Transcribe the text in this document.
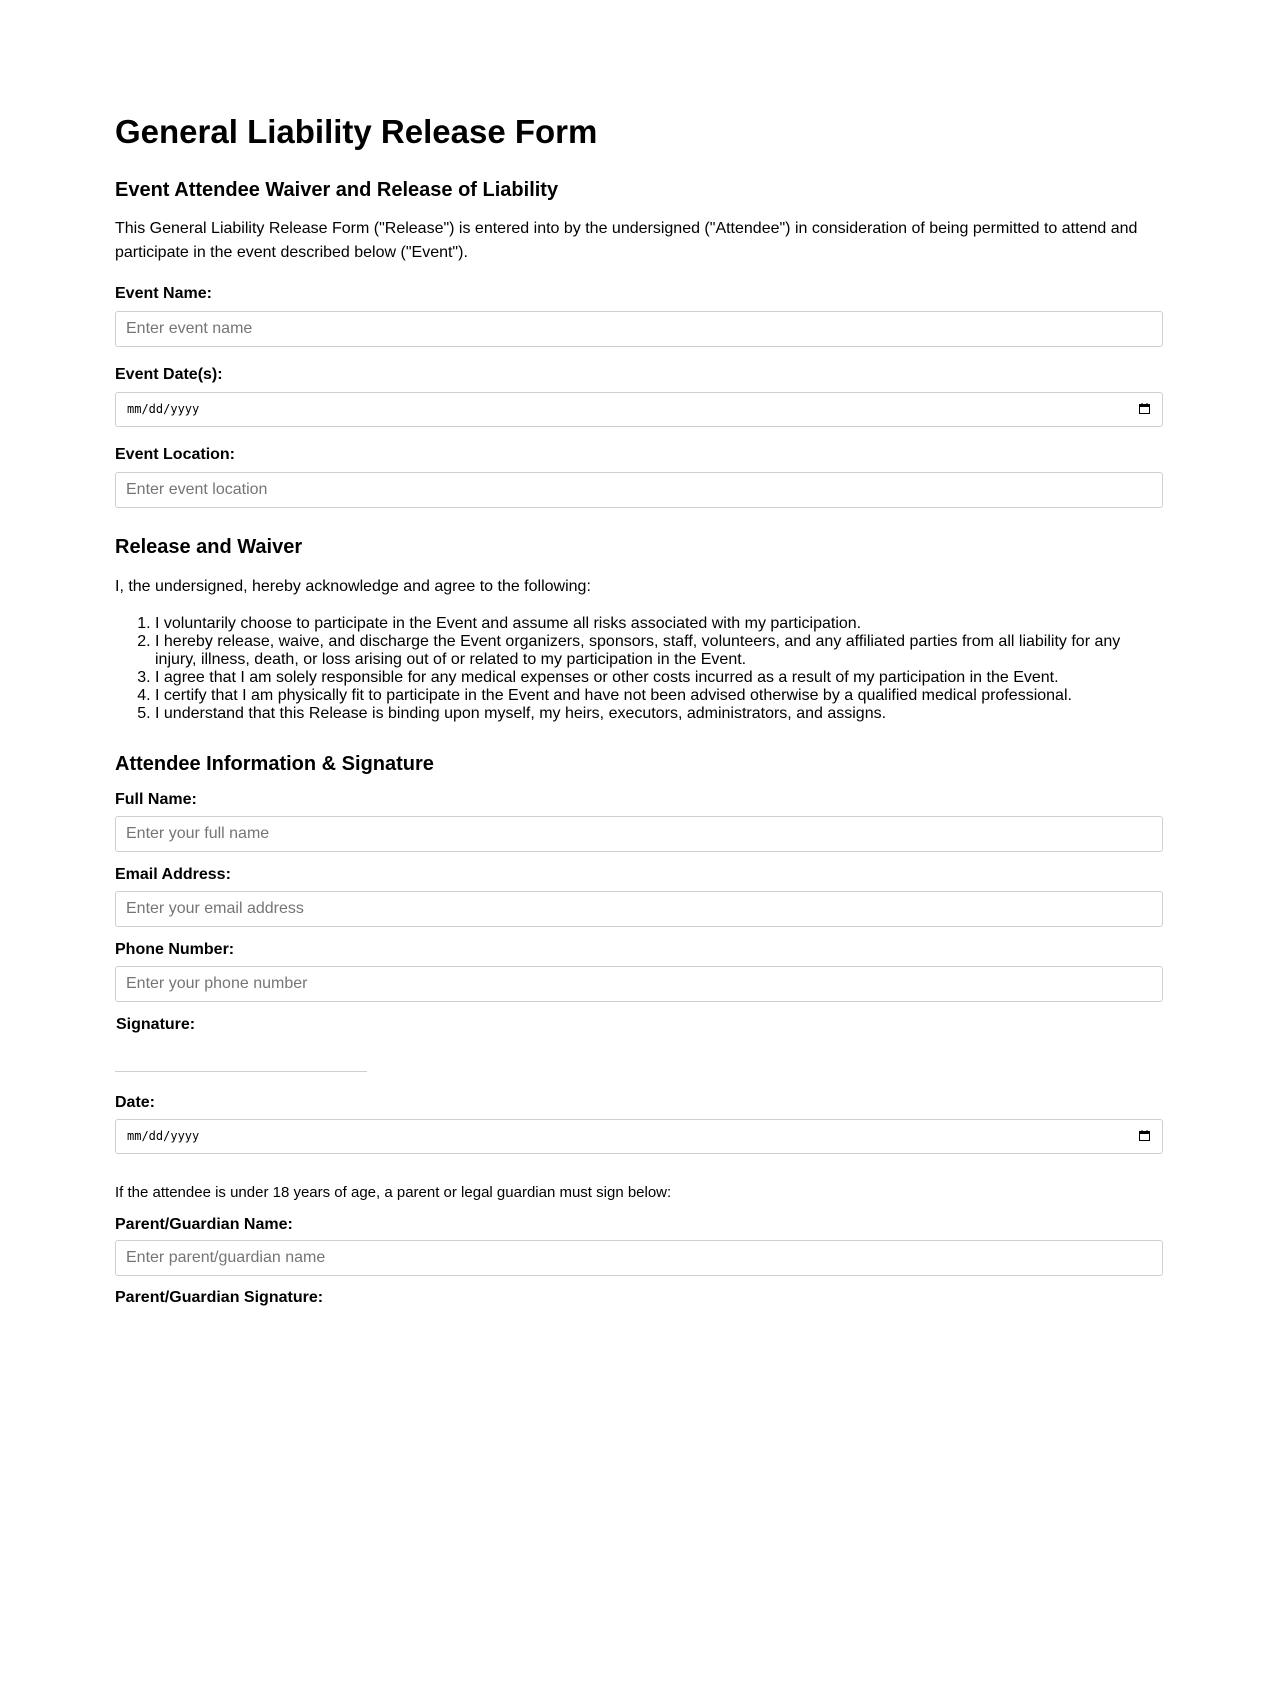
General Liability Release Form
Event Attendee Waiver and Release of Liability

This General Liability Release Form ("Release") is entered into by the undersigned ("Attendee") in consideration of being permitted to attend and participate in the event described below ("Event").

Event Name:
Enter event name
Event Date(s):
mm/dd/yyyy
Event Location:
Enter event location
Release and Waiver

I, the undersigned, hereby acknowledge and agree to the following:

1. I voluntarily choose to participate in the Event and assume all risks associated with my participation.
2. I hereby release, waive, and discharge the Event organizers, sponsors, staff, volunteers, and any affiliated parties from all liability for any injury, illness, death, or loss arising out of or related to my participation in the Event.
3. I agree that I am solely responsible for any medical expenses or other costs incurred as a result of my participation in the Event.
4. I certify that I am physically fit to participate in the Event and have not been advised otherwise by a qualified medical professional.
5. I understand that this Release is binding upon myself, my heirs, executors, administrators, and assigns.
Attendee Information & Signature
Full Name:
Enter your full name
Email Address:
Enter your email address
Phone Number:
Enter your phone number
Signature:
Date:
mm/dd/yyyy

If the attendee is under 18 years of age, a parent or legal guardian must sign below:

Parent/Guardian Name:
Enter parent/guardian name
Parent/Guardian Signature:
